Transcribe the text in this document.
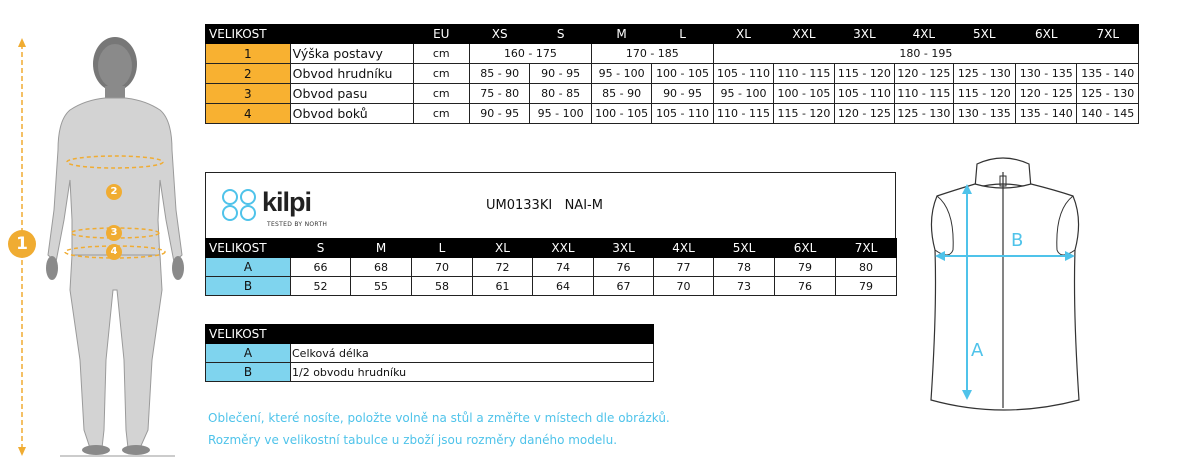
1
2
3
4
VELIKOST		EU	XS	S	M	L	XL	XXL	3XL	4XL	5XL	6XL	7XL
1	Výška postavy	cm	160 - 175		170 - 185		180 - 195						
2	Obvod hrudníku	cm	85 - 90	90 - 95	95 - 100	100 - 105	105 - 110	110 - 115	115 - 120	120 - 125	125 - 130	130 - 135	135 - 140
3	Obvod pasu	cm	75 - 80	80 - 85	85 - 90	90 - 95	95 - 100	100 - 105	105 - 110	110 - 115	115 - 120	120 - 125	125 - 130
4	Obvod boků	cm	90 - 95	95 - 100	100 - 105	105 - 110	110 - 115	115 - 120	120 - 125	125 - 130	130 - 135	135 - 140	140 - 145
kilpi
TESTED BY NORTH
UM0133KI   NAI-M
VELIKOST	S	M	L	XL	XXL	3XL	4XL	5XL	6XL	7XL
A	66	68	70	72	74	76	77	78	79	80
B	52	55	58	61	64	67	70	73	76	79
VELIKOST	
A	Celková délka
B	1/2 obvodu hrudníku
Oblečení, které nosíte, položte volně na stůl a změřte v místech dle obrázků.
Rozměry ve velikostní tabulce u zboží jsou rozměry daného modelu.
A
B
